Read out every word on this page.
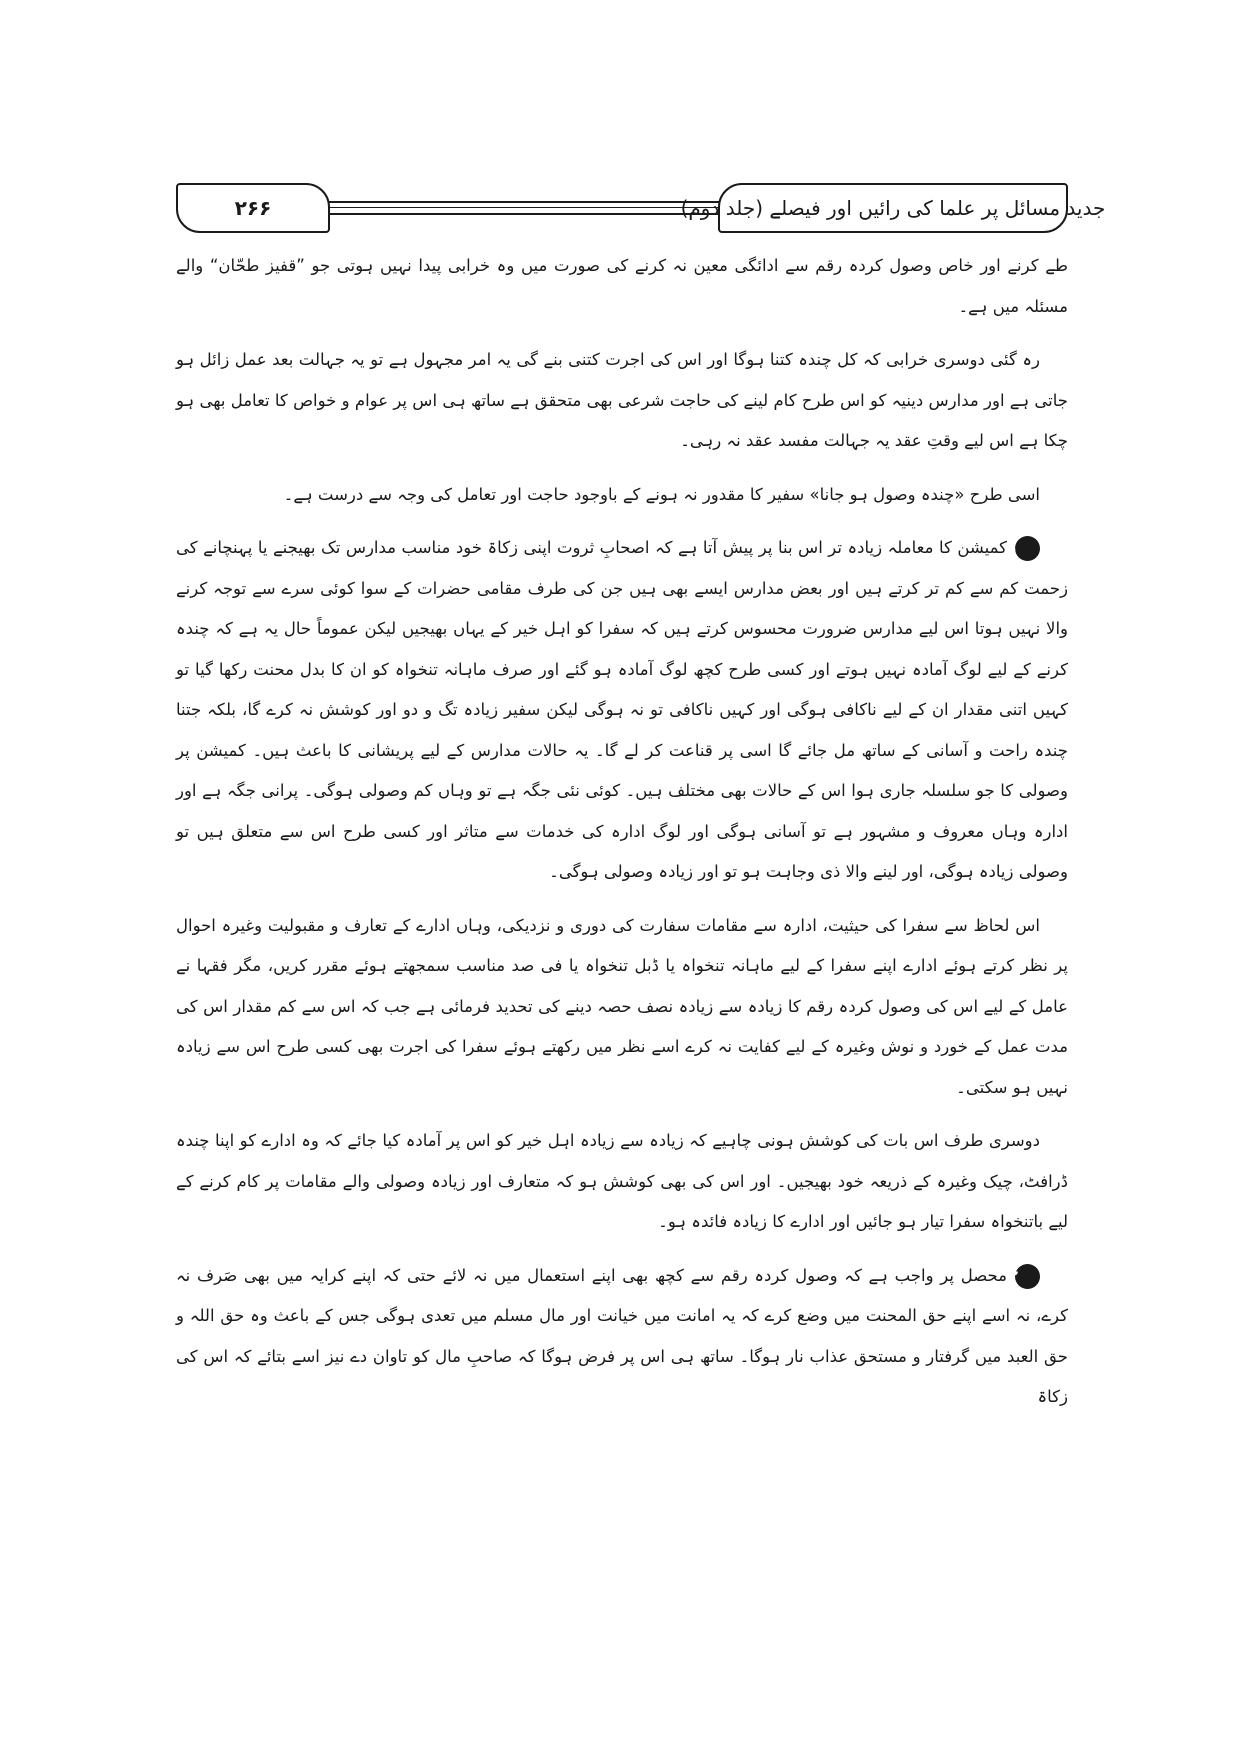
جدید مسائل پر علما کی رائیں اور فیصلے (جلد دوم)
۲۶۶

طے کرنے اور خاص وصول کردہ رقم سے ادائگی معین نہ کرنے کی صورت میں وہ خرابی پیدا نہیں ہوتی جو ”قفیز طحّان“ والے مسئلہ میں ہے۔

رہ گئی دوسری خرابی کہ کل چندہ کتنا ہوگا اور اس کی اجرت کتنی بنے گی یہ امر مجہول ہے تو یہ جہالت بعد عمل زائل ہو جاتی ہے اور مدارس دینیہ کو اس طرح کام لینے کی حاجت شرعی بھی متحقق ہے ساتھ ہی اس پر عوام و خواص کا تعامل بھی ہو چکا ہے اس لیے وقتِ عقد یہ جہالت مفسد عقد نہ رہی۔

اسی طرح «چندہ وصول ہو جانا» سفیر کا مقدور نہ ہونے کے باوجود حاجت اور تعامل کی وجہ سے درست ہے۔

١کمیشن کا معاملہ زیادہ تر اس بنا پر پیش آتا ہے کہ اصحابِ ثروت اپنی زکاۃ خود مناسب مدارس تک بھیجنے یا پہنچانے کی زحمت کم سے کم تر کرتے ہیں اور بعض مدارس ایسے بھی ہیں جن کی طرف مقامی حضرات کے سوا کوئی سرے سے توجہ کرنے والا نہیں ہوتا اس لیے مدارس ضرورت محسوس کرتے ہیں کہ سفرا کو اہل خیر کے یہاں بھیجیں لیکن عموماً حال یہ ہے کہ چندہ کرنے کے لیے لوگ آمادہ نہیں ہوتے اور کسی طرح کچھ لوگ آمادہ ہو گئے اور صرف ماہانہ تنخواہ کو ان کا بدل محنت رکھا گیا تو کہیں اتنی مقدار ان کے لیے ناکافی ہوگی اور کہیں ناکافی تو نہ ہوگی لیکن سفیر زیادہ تگ و دو اور کوشش نہ کرے گا، بلکہ جتنا چندہ راحت و آسانی کے ساتھ مل جائے گا اسی پر قناعت کر لے گا۔ یہ حالات مدارس کے لیے پریشانی کا باعث ہیں۔ کمیشن پر وصولی کا جو سلسلہ جاری ہوا اس کے حالات بھی مختلف ہیں۔ کوئی نئی جگہ ہے تو وہاں کم وصولی ہوگی۔ پرانی جگہ ہے اور ادارہ وہاں معروف و مشہور ہے تو آسانی ہوگی اور لوگ ادارہ کی خدمات سے متاثر اور کسی طرح اس سے متعلق ہیں تو وصولی زیادہ ہوگی، اور لینے والا ذی وجاہت ہو تو اور زیادہ وصولی ہوگی۔

اس لحاظ سے سفرا کی حیثیت، ادارہ سے مقامات سفارت کی دوری و نزدیکی، وہاں ادارے کے تعارف و مقبولیت وغیرہ احوال پر نظر کرتے ہوئے ادارے اپنے سفرا کے لیے ماہانہ تنخواہ یا ڈبل تنخواہ یا فی صد مناسب سمجھتے ہوئے مقرر کریں، مگر فقہا نے عامل کے لیے اس کی وصول کردہ رقم کا زیادہ سے زیادہ نصف حصہ دینے کی تحدید فرمائی ہے جب کہ اس سے کم مقدار اس کی مدت عمل کے خورد و نوش وغیرہ کے لیے کفایت نہ کرے اسے نظر میں رکھتے ہوئے سفرا کی اجرت بھی کسی طرح اس سے زیادہ نہیں ہو سکتی۔

دوسری طرف اس بات کی کوشش ہونی چاہیے کہ زیادہ سے زیادہ اہل خیر کو اس پر آمادہ کیا جائے کہ وہ ادارے کو اپنا چندہ ڈرافٹ، چیک وغیرہ کے ذریعہ خود بھیجیں۔ اور اس کی بھی کوشش ہو کہ متعارف اور زیادہ وصولی والے مقامات پر کام کرنے کے لیے باتنخواہ سفرا تیار ہو جائیں اور ادارے کا زیادہ فائدہ ہو۔

٢محصل پر واجب ہے کہ وصول کردہ رقم سے کچھ بھی اپنے استعمال میں نہ لائے حتی کہ اپنے کرایہ میں بھی صَرف نہ کرے، نہ اسے اپنے حق المحنت میں وضع کرے کہ یہ امانت میں خیانت اور مال مسلم میں تعدی ہوگی جس کے باعث وہ حق اللہ و حق العبد میں گرفتار و مستحق عذاب نار ہوگا۔ ساتھ ہی اس پر فرض ہوگا کہ صاحبِ مال کو تاوان دے نیز اسے بتائے کہ اس کی زکاۃ
